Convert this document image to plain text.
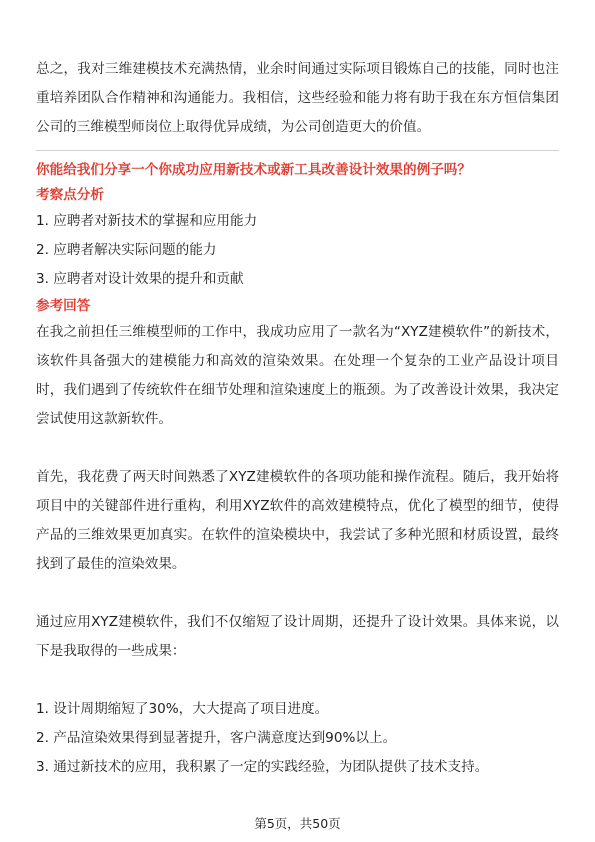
总之，我对三维建模技术充满热情，业余时间通过实际项目锻炼自己的技能，同时也注重培养团队合作精神和沟通能力。我相信，这些经验和能力将有助于我在东方恒信集团公司的三维模型师岗位上取得优异成绩，为公司创造更大的价值。

你能给我们分享一个你成功应用新技术或新工具改善设计效果的例子吗？

考察点分析

1. 应聘者对新技术的掌握和应用能力
2. 应聘者解决实际问题的能力
3. 应聘者对设计效果的提升和贡献

参考回答

在我之前担任三维模型师的工作中，我成功应用了一款名为“XYZ建模软件”的新技术，该软件具备强大的建模能力和高效的渲染效果。在处理一个复杂的工业产品设计项目时，我们遇到了传统软件在细节处理和渲染速度上的瓶颈。为了改善设计效果，我决定尝试使用这款新软件。

首先，我花费了两天时间熟悉了XYZ建模软件的各项功能和操作流程。随后，我开始将项目中的关键部件进行重构，利用XYZ软件的高效建模特点，优化了模型的细节，使得产品的三维效果更加真实。在软件的渲染模块中，我尝试了多种光照和材质设置，最终找到了最佳的渲染效果。

通过应用XYZ建模软件，我们不仅缩短了设计周期，还提升了设计效果。具体来说，以下是我取得的一些成果：

1. 设计周期缩短了30%，大大提高了项目进度。
2. 产品渲染效果得到显著提升，客户满意度达到90%以上。
3. 通过新技术的应用，我积累了一定的实践经验，为团队提供了技术支持。
第5页，共50页
